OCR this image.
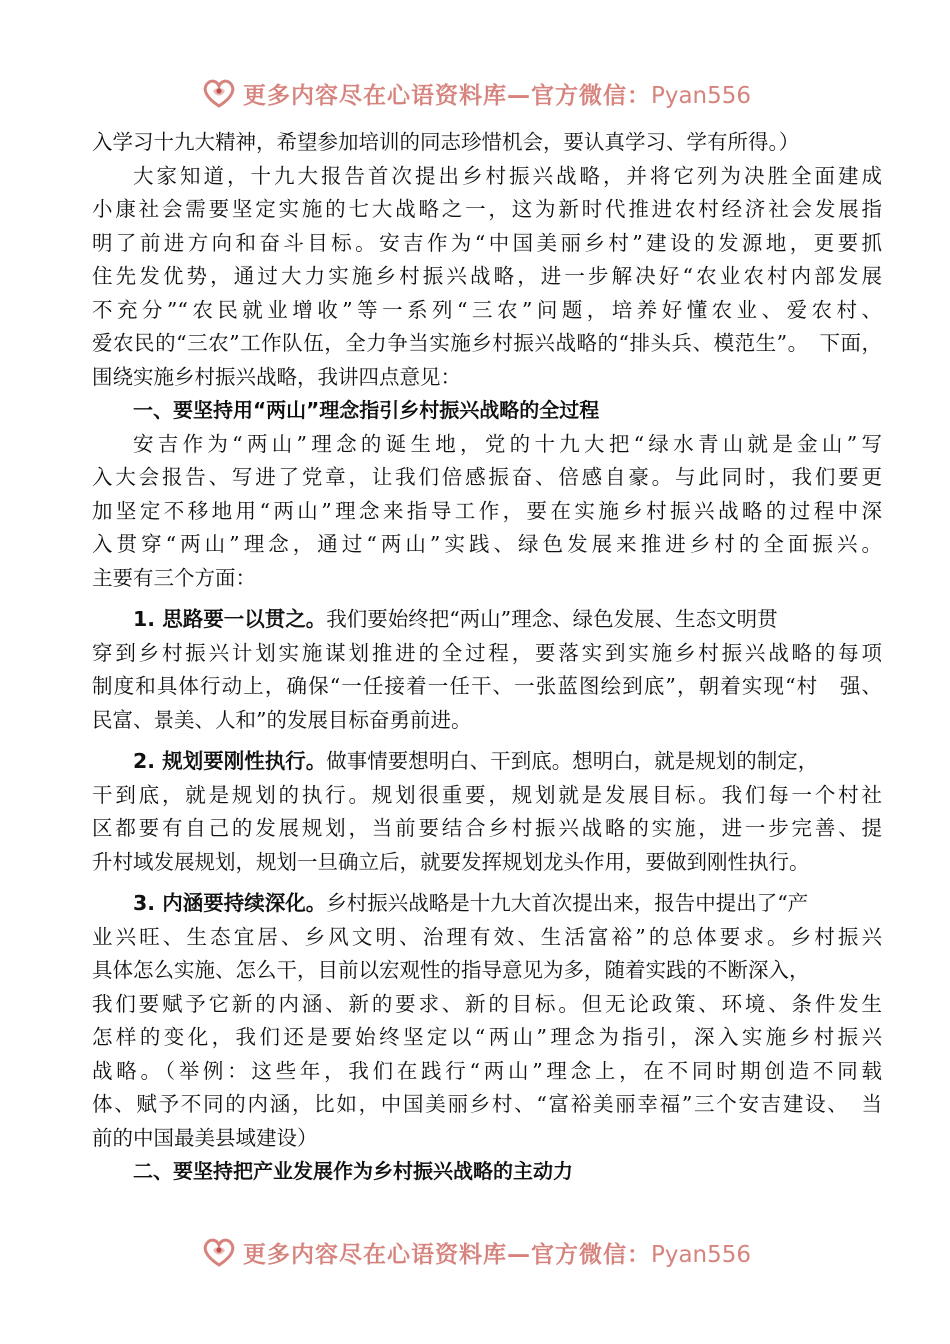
更多内容尽在心语资料库—官方微信：Pyan556
入学习十九大精神，希望参加培训的同志珍惜机会，要认真学习、学有所得。）
大家知道，十九大报告首次提出乡村振兴战略，并将它列为决胜全面建成
小康社会需要坚定实施的七大战略之一，这为新时代推进农村经济社会发展指
明了前进方向和奋斗目标。安吉作为“中国美丽乡村”建设的发源地，更要抓
住先发优势，通过大力实施乡村振兴战略，进一步解决好“农业农村内部发展
不充分”“农民就业增收”等一系列“三农”问题，培养好懂农业、爱农村、
爱农民的“三农”工作队伍，全力争当实施乡村振兴战略的“排头兵、模范生”。　下面，
围绕实施乡村振兴战略，我讲四点意见：
一、要坚持用“两山”理念指引乡村振兴战略的全过程
安吉作为“两山”理念的诞生地，党的十九大把“绿水青山就是金山”写
入大会报告、写进了党章，让我们倍感振奋、倍感自豪。与此同时，我们要更
加坚定不移地用“两山”理念来指导工作，要在实施乡村振兴战略的过程中深
入贯穿“两山”理念，通过“两山”实践、绿色发展来推进乡村的全面振兴。
主要有三个方面：
1. 思路要一以贯之。我们要始终把“两山”理念、绿色发展、生态文明贯
穿到乡村振兴计划实施谋划推进的全过程，要落实到实施乡村振兴战略的每项
制度和具体行动上，确保“一任接着一任干、一张蓝图绘到底”，朝着实现“村　强、
民富、景美、人和”的发展目标奋勇前进。
2. 规划要刚性执行。做事情要想明白、干到底。想明白，就是规划的制定，
干到底，就是规划的执行。规划很重要，规划就是发展目标。我们每一个村社
区都要有自己的发展规划，当前要结合乡村振兴战略的实施，进一步完善、提
升村域发展规划，规划一旦确立后，就要发挥规划龙头作用，要做到刚性执行。
3. 内涵要持续深化。乡村振兴战略是十九大首次提出来，报告中提出了“产
业兴旺、生态宜居、乡风文明、治理有效、生活富裕”的总体要求。乡村振兴
具体怎么实施、怎么干，目前以宏观性的指导意见为多，随着实践的不断深入，
我们要赋予它新的内涵、新的要求、新的目标。但无论政策、环境、条件发生
怎样的变化，我们还是要始终坚定以“两山”理念为指引，深入实施乡村振兴
战略。（举例：这些年，我们在践行“两山”理念上，在不同时期创造不同载
体、赋予不同的内涵，比如，中国美丽乡村、“富裕美丽幸福”三个安吉建设、　当
前的中国最美县域建设）
二、要坚持把产业发展作为乡村振兴战略的主动力
更多内容尽在心语资料库—官方微信：Pyan556
